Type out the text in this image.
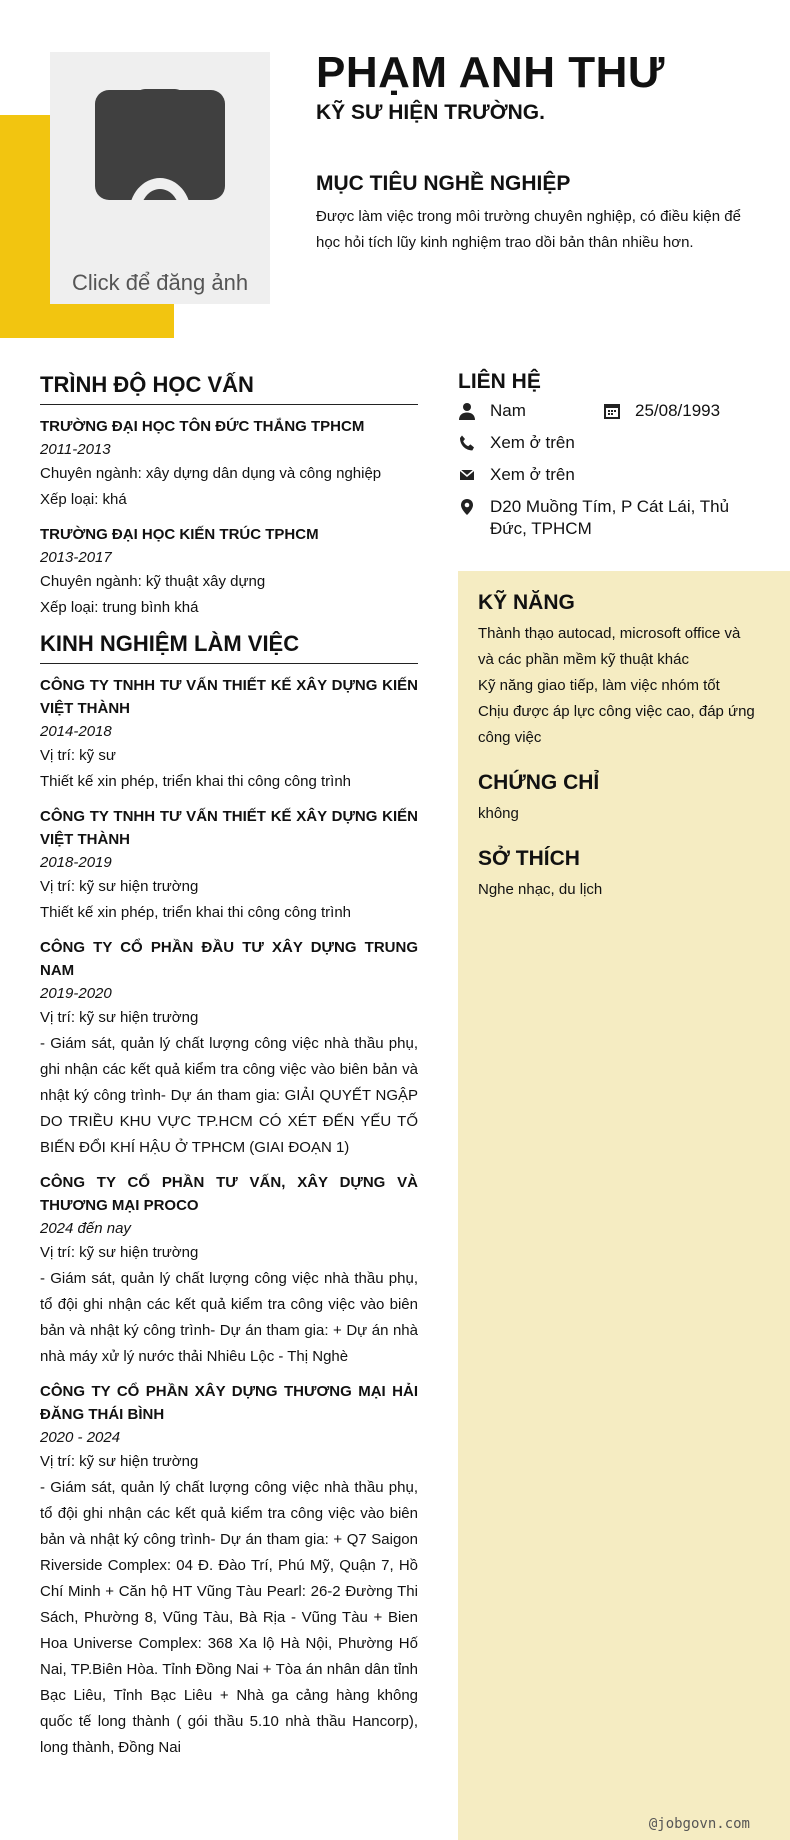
Click để đăng ảnh
PHẠM ANH THƯ
KỸ SƯ HIỆN TRƯỜNG.
MỤC TIÊU NGHỀ NGHIỆP
Được làm việc trong môi trường chuyên nghiệp, có điều kiện để học hỏi tích lũy kinh nghiệm trao dồi bản thân nhiều hơn.
TRÌNH ĐỘ HỌC VẤN
TRƯỜNG ĐẠI HỌC TÔN ĐỨC THẮNG TPHCM
2011-2013
Chuyên ngành: xây dựng dân dụng và công nghiệp
Xếp loại: khá
TRƯỜNG ĐẠI HỌC KIẾN TRÚC TPHCM
2013-2017
Chuyên ngành: kỹ thuật xây dựng
Xếp loại: trung bình khá
KINH NGHIỆM LÀM VIỆC
CÔNG TY TNHH TƯ VẤN THIẾT KẾ XÂY DỰNG KIẾN VIỆT THÀNH
2014-2018
Vị trí: kỹ sư
Thiết kế xin phép, triển khai thi công công trình
CÔNG TY TNHH TƯ VẤN THIẾT KẾ XÂY DỰNG KIẾN VIỆT THÀNH
2018-2019
Vị trí: kỹ sư hiện trường
Thiết kế xin phép, triển khai thi công công trình
CÔNG TY CỔ PHẦN ĐẦU TƯ XÂY DỰNG TRUNG NAM
2019-2020
Vị trí: kỹ sư hiện trường
- Giám sát, quản lý chất lượng công việc nhà thầu phụ, ghi nhận các kết quả kiểm tra công việc vào biên bản và nhật ký công trình- Dự án tham gia: GIẢI QUYẾT NGẬP DO TRIỀU KHU VỰC TP.HCM CÓ XÉT ĐẾN YẾU TỐ BIẾN ĐỔI KHÍ HẬU Ở TPHCM (GIAI ĐOẠN 1)
CÔNG TY CỔ PHẦN TƯ VẤN, XÂY DỰNG VÀ THƯƠNG MẠI PROCO
2024 đến nay
Vị trí: kỹ sư hiện trường
- Giám sát, quản lý chất lượng công việc nhà thầu phụ, tổ đội ghi nhận các kết quả kiểm tra công việc vào biên bản và nhật ký công trình- Dự án tham gia: + Dự án nhà nhà máy xử lý nước thải Nhiêu Lộc - Thị Nghè
CÔNG TY CỔ PHẦN XÂY DỰNG THƯƠNG MẠI HẢI ĐĂNG THÁI BÌNH
2020 - 2024
Vị trí: kỹ sư hiện trường
- Giám sát, quản lý chất lượng công việc nhà thầu phụ, tổ đội ghi nhận các kết quả kiểm tra công việc vào biên bản và nhật ký công trình- Dự án tham gia: + Q7 Saigon Riverside Complex: 04 Đ. Đào Trí, Phú Mỹ, Quận 7, Hồ Chí Minh + Căn hộ HT Vũng Tàu Pearl: 26-2 Đường Thi Sách, Phường 8, Vũng Tàu, Bà Rịa - Vũng Tàu + Bien Hoa Universe Complex: 368 Xa lộ Hà Nội, Phường Hố Nai, TP.Biên Hòa. Tỉnh Đồng Nai + Tòa án nhân dân tỉnh Bạc Liêu, Tỉnh Bạc Liêu + Nhà ga cảng hàng không quốc tế long thành ( gói thầu 5.10 nhà thầu Hancorp), long thành, Đồng Nai
LIÊN HỆ
Nam	25/08/1993
Xem ở trên
Xem ở trên
D20 Muồng Tím, P Cát Lái, Thủ Đức, TPHCM
KỸ NĂNG
Thành thạo autocad, microsoft office và và các phần mềm kỹ thuật khác
Kỹ năng giao tiếp, làm việc nhóm tốt
Chịu được áp lực công việc cao, đáp ứng công việc
CHỨNG CHỈ
không
SỞ THÍCH
Nghe nhạc, du lịch
@jobgovn.com
